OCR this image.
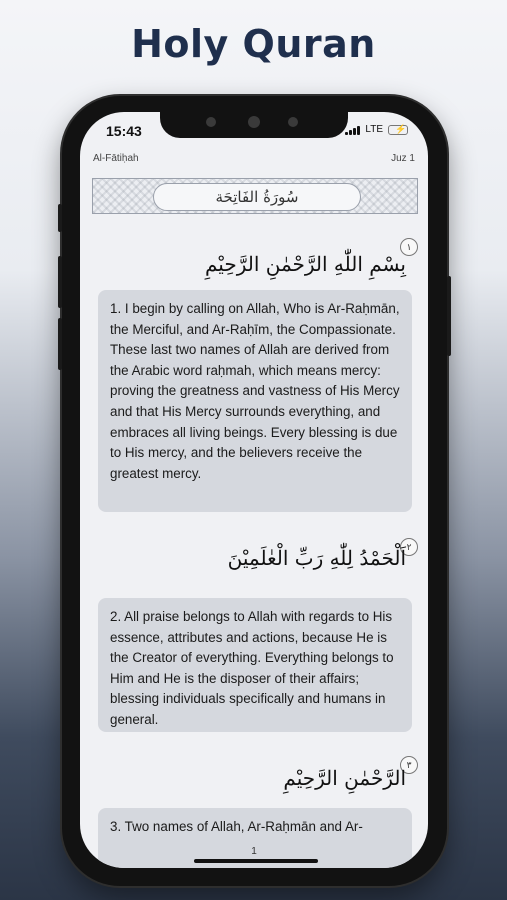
Holy Quran
15:43	LTE ⚡
Al-Fātiḥah	Juz 1
سُورَةُ الفَاتِحَة
١
بِسْمِ اللّٰهِ الرَّحْمٰنِ الرَّحِيْمِ
1. I begin by calling on Allah, Who is Ar-Raḥmān, the Merciful, and Ar-Raḥīm, the Compassionate. These last two names of Allah are derived from the Arabic word raḥmah, which means mercy: proving the greatness and vastness of His Mercy and that His Mercy surrounds everything, and embraces all living beings. Every blessing is due to His mercy, and the believers receive the greatest mercy.
٢
اَلْحَمْدُ لِلّٰهِ رَبِّ الْعٰلَمِيْنَ
2. All praise belongs to Allah with regards to His essence, attributes and actions, because He is the Creator of everything. Everything belongs to Him and He is the disposer of their affairs; blessing individuals specifically and humans in general.
٣
الرَّحْمٰنِ الرَّحِيْمِ
3. Two names of Allah, Ar-Raḥmān and Ar-
1
